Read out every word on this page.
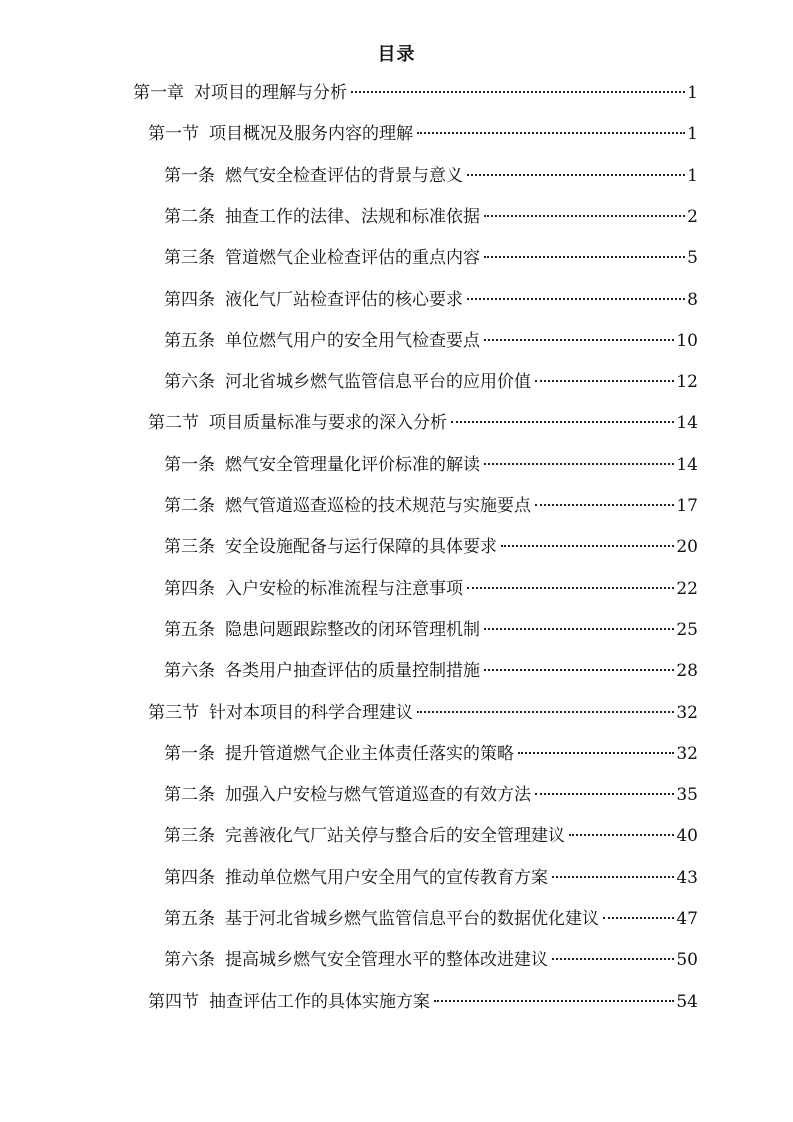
目录
第一章 对项目的理解与分析	1
第一节 项目概况及服务内容的理解	1
第一条 燃气安全检查评估的背景与意义	1
第二条 抽查工作的法律、法规和标准依据	2
第三条 管道燃气企业检查评估的重点内容	5
第四条 液化气厂站检查评估的核心要求	8
第五条 单位燃气用户的安全用气检查要点	10
第六条 河北省城乡燃气监管信息平台的应用价值	12
第二节 项目质量标准与要求的深入分析	14
第一条 燃气安全管理量化评价标准的解读	14
第二条 燃气管道巡查巡检的技术规范与实施要点	17
第三条 安全设施配备与运行保障的具体要求	20
第四条 入户安检的标准流程与注意事项	22
第五条 隐患问题跟踪整改的闭环管理机制	25
第六条 各类用户抽查评估的质量控制措施	28
第三节 针对本项目的科学合理建议	32
第一条 提升管道燃气企业主体责任落实的策略	32
第二条 加强入户安检与燃气管道巡查的有效方法	35
第三条 完善液化气厂站关停与整合后的安全管理建议	40
第四条 推动单位燃气用户安全用气的宣传教育方案	43
第五条 基于河北省城乡燃气监管信息平台的数据优化建议	47
第六条 提高城乡燃气安全管理水平的整体改进建议	50
第四节 抽查评估工作的具体实施方案	54
